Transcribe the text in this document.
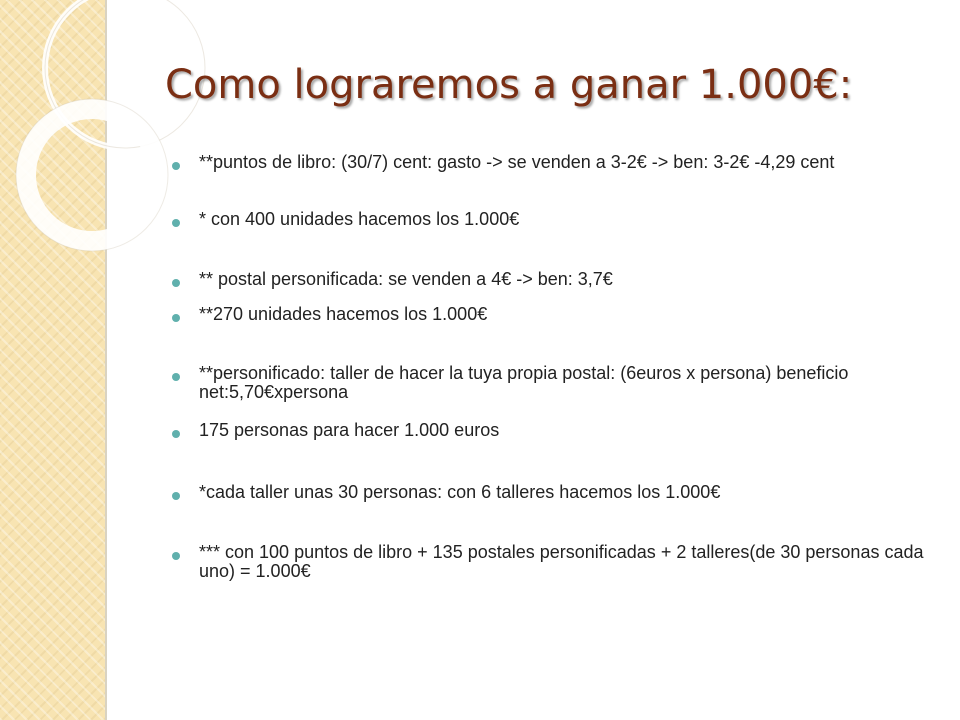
Como lograremos a ganar 1.000€:
**puntos de libro: (30/7) cent: gasto -> se venden a 3-2€ -> ben: 3-2€ -4,29 cent
* con 400 unidades hacemos los 1.000€
** postal personificada: se venden a 4€ -> ben: 3,7€
**270 unidades hacemos los 1.000€
**personificado: taller de hacer la tuya propia postal: (6euros x persona) beneficio net:5,70€xpersona
175 personas para hacer 1.000 euros
*cada taller unas 30 personas: con 6 talleres hacemos los 1.000€
*** con 100 puntos de libro + 135 postales personificadas + 2 talleres(de 30 personas cada uno) = 1.000€
